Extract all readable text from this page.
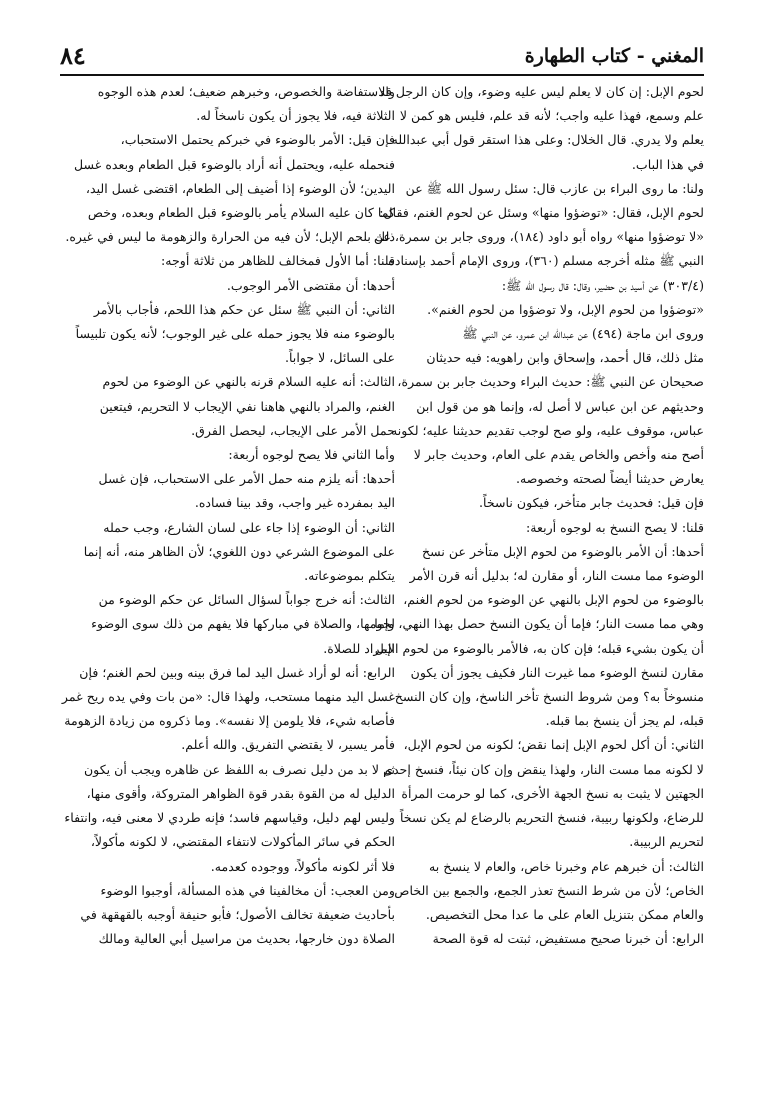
المغني - كتاب الطهارة
٨٤

لحوم الإبل: إن كان لا يعلم ليس عليه وضوء، وإن كان الرجل قد

علم وسمع، فهذا عليه واجب؛ لأنه قد علم، فليس هو كمن لا

يعلم ولا يدري. قال الخلال: وعلى هذا استقر قول أبي عبدالله

في هذا الباب.

ولنا: ما روى البراء بن عازب قال: سئل رسول الله ﷺ عن

لحوم الإبل، فقال: «توضؤوا منها» وسئل عن لحوم الغنم، فقال:

«لا توضؤوا منها» رواه أبو داود (١٨٤)، وروى جابر بن سمرة، عن

النبي ﷺ مثله أخرجه مسلم (٣٦٠)، وروى الإمام أحمد بإسناده

(٣٠٣/٤) عن أسيد بن حضير، وقال: قال رسول الله ﷺ:

«توضؤوا من لحوم الإبل، ولا توضؤوا من لحوم الغنم».

وروى ابن ماجة (٤٩٤) عن عبدالله ابن عمرو، عن النبي ﷺ

مثل ذلك، قال أحمد، وإسحاق وابن راهويه: فيه حديثان

صحيحان عن النبي ﷺ: حديث البراء وحديث جابر بن سمرة،

وحديثهم عن ابن عباس لا أصل له، وإنما هو من قول ابن

عباس، موقوف عليه، ولو صح لوجب تقديم حديثنا عليه؛ لكونه

أصح منه وأخص والخاص يقدم على العام، وحديث جابر لا

يعارض حديثنا أيضاً لصحته وخصوصه.

فإن قيل: فحديث جابر متأخر، فيكون ناسخاً.

قلنا: لا يصح النسخ به لوجوه أربعة:

أحدها: أن الأمر بالوضوء من لحوم الإبل متأخر عن نسخ

الوضوء مما مست النار، أو مقارن له؛ بدليل أنه قرن الأمر

بالوضوء من لحوم الإبل بالنهي عن الوضوء من لحوم الغنم،

وهي مما مست النار؛ فإما أن يكون النسخ حصل بهذا النهي، وإما

أن يكون بشيء قبله؛ فإن كان به، فالأمر بالوضوء من لحوم الإبل

مقارن لنسخ الوضوء مما غيرت النار فكيف يجوز أن يكون

منسوخاً به؟ ومن شروط النسخ تأخر الناسخ، وإن كان النسخ

قبله، لم يجز أن ينسخ بما قبله.

الثاني: أن أكل لحوم الإبل إنما نقض؛ لكونه من لحوم الإبل،

لا لكونه مما مست النار، ولهذا ينقض وإن كان نيئاً، فنسخ إحدى

الجهتين لا يثبت به نسخ الجهة الأخرى، كما لو حرمت المرأة

للرضاع، ولكونها ربيبة، فنسخ التحريم بالرضاع لم يكن نسخاً

لتحريم الربيبة.

الثالث: أن خبرهم عام وخبرنا خاص، والعام لا ينسخ به

الخاص؛ لأن من شرط النسخ تعذر الجمع، والجمع بين الخاص

والعام ممكن بتنزيل العام على ما عدا محل التخصيص.

الرابع: أن خبرنا صحيح مستفيض، ثبتت له قوة الصحة

والاستفاضة والخصوص، وخبرهم ضعيف؛ لعدم هذه الوجوه

الثلاثة فيه، فلا يجوز أن يكون ناسخاً له.

فإن قيل: الأمر بالوضوء في خبركم يحتمل الاستحباب،

فنحمله عليه، ويحتمل أنه أراد بالوضوء قبل الطعام وبعده غسل

اليدين؛ لأن الوضوء إذا أضيف إلى الطعام، اقتضى غسل اليد،

كما كان عليه السلام يأمر بالوضوء قبل الطعام وبعده، وخص

ذلك بلحم الإبل؛ لأن فيه من الحرارة والزهومة ما ليس في غيره.

قلنا: أما الأول فمخالف للظاهر من ثلاثة أوجه:

أحدها: أن مقتضى الأمر الوجوب.

الثاني: أن النبي ﷺ سئل عن حكم هذا اللحم، فأجاب بالأمر

بالوضوء منه فلا يجوز حمله على غير الوجوب؛ لأنه يكون تلبيساً

على السائل، لا جواباً.

الثالث: أنه عليه السلام قرنه بالنهي عن الوضوء من لحوم

الغنم، والمراد بالنهي هاهنا نفي الإيجاب لا التحريم، فيتعين

حمل الأمر على الإيجاب، ليحصل الفرق.

وأما الثاني فلا يصح لوجوه أربعة:

أحدها: أنه يلزم منه حمل الأمر على الاستحباب، فإن غسل

اليد بمفرده غير واجب، وقد بينا فساده.

الثاني: أن الوضوء إذا جاء على لسان الشارع، وجب حمله

على الموضوع الشرعي دون اللغوي؛ لأن الظاهر منه، أنه إنما

يتكلم بموضوعاته.

الثالث: أنه خرج جواباً لسؤال السائل عن حكم الوضوء من

لحومها، والصلاة في مباركها فلا يفهم من ذلك سوى الوضوء

المراد للصلاة.

الرابع: أنه لو أراد غسل اليد لما فرق بينه وبين لحم الغنم؛ فإن

غسل اليد منهما مستحب، ولهذا قال: «من بات وفي يده ريح غمر

فأصابه شيء، فلا يلومن إلا نفسه». وما ذكروه من زيادة الزهومة

فأمر يسير، لا يقتضي التفريق. والله أعلم.

ثم لا بد من دليل نصرف به اللفظ عن ظاهره ويجب أن يكون

الدليل له من القوة بقدر قوة الظواهر المتروكة، وأقوى منها،

وليس لهم دليل، وقياسهم فاسد؛ فإنه طردي لا معنى فيه، وانتفاء

الحكم في سائر المأكولات لانتفاء المقتضي، لا لكونه مأكولاً،

فلا أثر لكونه مأكولاً، ووجوده كعدمه.

ومن العجب: أن مخالفينا في هذه المسألة، أوجبوا الوضوء

بأحاديث ضعيفة تخالف الأصول؛ فأبو حنيفة أوجبه بالقهقهة في

الصلاة دون خارجها، بحديث من مراسيل أبي العالية ومالك
